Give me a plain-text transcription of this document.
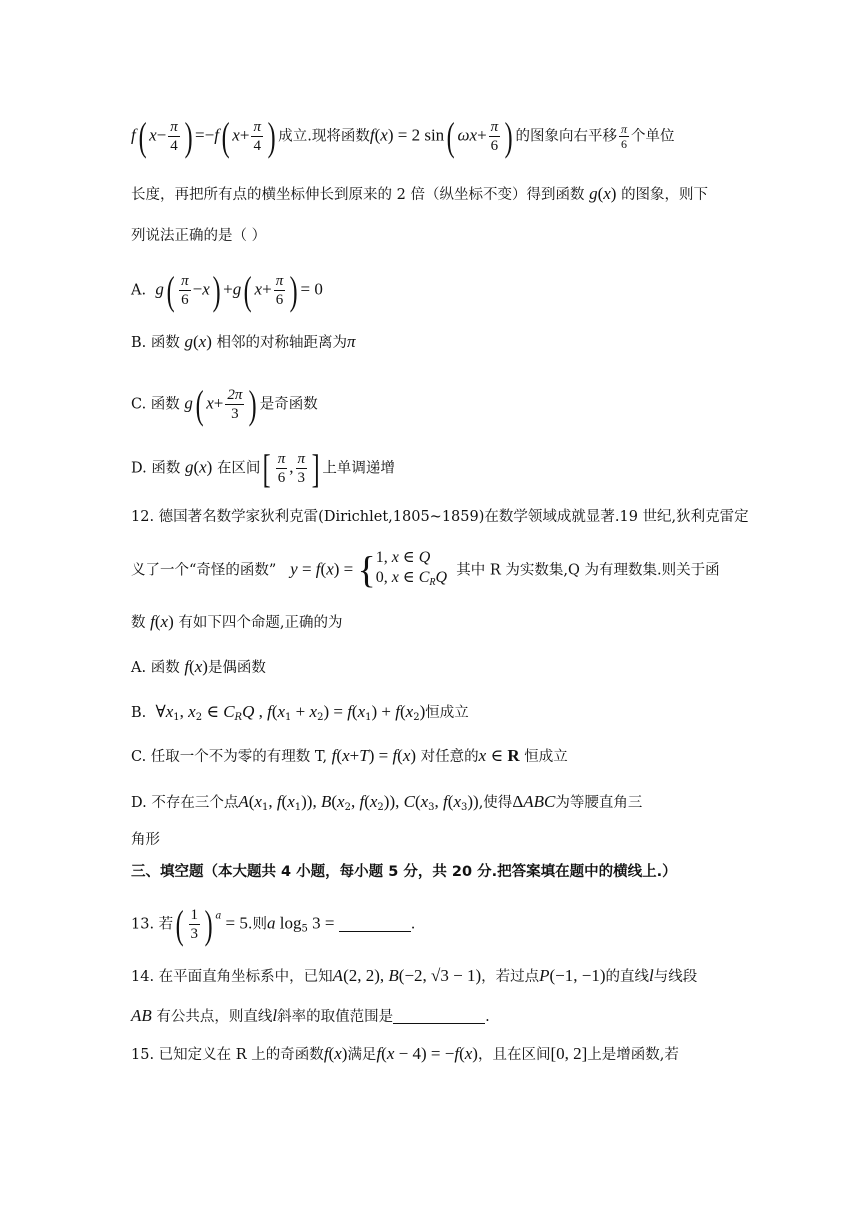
f( $x- \frac{\pi}{4}$ ) =−f( $x+ \frac{\pi}{4}$ ) 成立.现将函数f(x) = 2 sin( $\omega x+ \frac{\pi}{6}$ ) 的图象向右平移 $\frac{\pi}{6}$ 个单位
长度，再把所有点的横坐标伸长到原来的 2 倍（纵坐标不变）得到函数 g(x) 的图象，则下
列说法正确的是（ ）
A. $g( \frac{\pi}{6} -x) +g$( $x+ \frac{\pi}{6}$ ) = 0
B. 函数 g(x) 相邻的对称轴距离为π
C. 函数 g( $x+ \frac{2\pi}{3}$ ) 是奇函数
D. 函数 g(x) 在区间[ $\frac{\pi}{6}$ , $\frac{\pi}{3}$ ] 上单调递增
12. 德国著名数学家狄利克雷(Dirichlet,1805~1859)在数学领域成就显著.19 世纪,狄利克雷定
义了一个“奇怪的函数” y = f(x) = { 1, x ∈ Q
0, x ∈ $C_RQ$ 其中 R 为实数集,Q 为有理数集.则关于函
数 f(x) 有如下四个命题,正确的为
A. 函数 f(x)是偶函数
B. $\forall x_1$, $x_2$ ∈ $C_RQ$ , $f(x_1 + x_2) = f(x_1) + f(x_2)$恒成立
C. 任取一个不为零的有理数 T, f(x+T) = f(x) 对任意的x ∈ R 恒成立
D. 不存在三个点$A(x_1$, $f(x_1)$), $B(x_2$, $f(x_2)$), $C(x_3$, $f(x_3)$),使得ΔABC为等腰直角三
角形
三、填空题（本大题共 4 小题，每小题 5 分，共 20 分.把答案填在题中的横线上.）
13. 若( $\frac{1}{3}$ ) $^a$ = 5.则a $\log_5 3$ =	.
14. 在平面直角坐标系中，已知A(2, 2), B(−2, √3 − 1)，若过点P(−1, −1)的直线l与线段
AB 有公共点，则直线l斜率的取值范围是	.
15. 已知定义在 R 上的奇函数f(x)满足f(x − 4) = −f(x)，且在区间[0, 2]上是增函数,若
